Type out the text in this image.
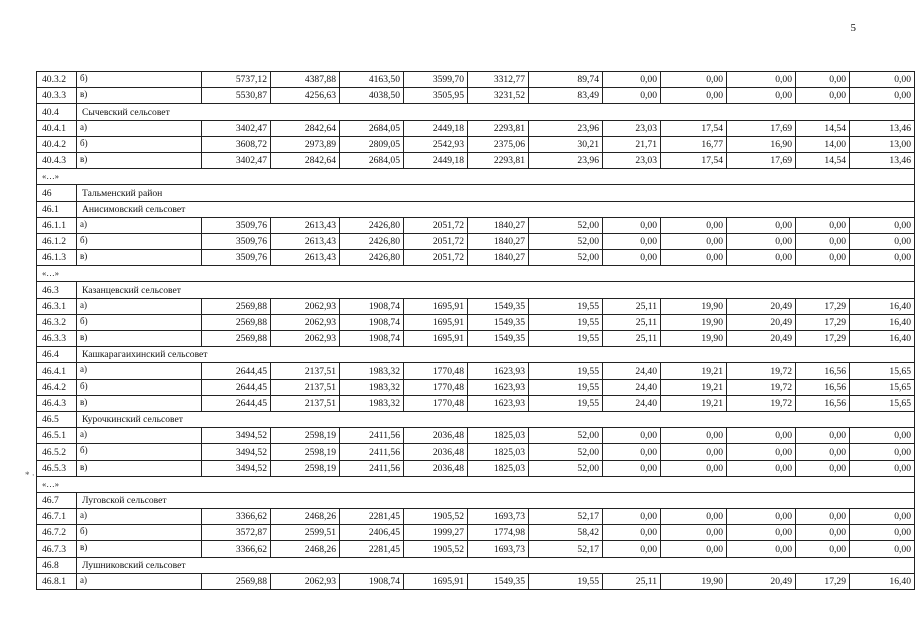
5
* ·
40.3.2	б)	5737,12	4387,88	4163,50	3599,70	3312,77	89,74	0,00	0,00	0,00	0,00	0,00
40.3.3	в)	5530,87	4256,63	4038,50	3505,95	3231,52	83,49	0,00	0,00	0,00	0,00	0,00
40.4	Сычевский сельсовет											
40.4.1	а)	3402,47	2842,64	2684,05	2449,18	2293,81	23,96	23,03	17,54	17,69	14,54	13,46
40.4.2	б)	3608,72	2973,89	2809,05	2542,93	2375,06	30,21	21,71	16,77	16,90	14,00	13,00
40.4.3	в)	3402,47	2842,64	2684,05	2449,18	2293,81	23,96	23,03	17,54	17,69	14,54	13,46
«…»												
46	Тальменский район											
46.1	Анисимовский сельсовет											
46.1.1	а)	3509,76	2613,43	2426,80	2051,72	1840,27	52,00	0,00	0,00	0,00	0,00	0,00
46.1.2	б)	3509,76	2613,43	2426,80	2051,72	1840,27	52,00	0,00	0,00	0,00	0,00	0,00
46.1.3	в)	3509,76	2613,43	2426,80	2051,72	1840,27	52,00	0,00	0,00	0,00	0,00	0,00
«…»												
46.3	Казанцевский сельсовет											
46.3.1	а)	2569,88	2062,93	1908,74	1695,91	1549,35	19,55	25,11	19,90	20,49	17,29	16,40
46.3.2	б)	2569,88	2062,93	1908,74	1695,91	1549,35	19,55	25,11	19,90	20,49	17,29	16,40
46.3.3	в)	2569,88	2062,93	1908,74	1695,91	1549,35	19,55	25,11	19,90	20,49	17,29	16,40
46.4	Кашкарагаихинский сельсовет											
46.4.1	а)	2644,45	2137,51	1983,32	1770,48	1623,93	19,55	24,40	19,21	19,72	16,56	15,65
46.4.2	б)	2644,45	2137,51	1983,32	1770,48	1623,93	19,55	24,40	19,21	19,72	16,56	15,65
46.4.3	в)	2644,45	2137,51	1983,32	1770,48	1623,93	19,55	24,40	19,21	19,72	16,56	15,65
46.5	Курочкинский сельсовет											
46.5.1	а)	3494,52	2598,19	2411,56	2036,48	1825,03	52,00	0,00	0,00	0,00	0,00	0,00
46.5.2	б)	3494,52	2598,19	2411,56	2036,48	1825,03	52,00	0,00	0,00	0,00	0,00	0,00
46.5.3	в)	3494,52	2598,19	2411,56	2036,48	1825,03	52,00	0,00	0,00	0,00	0,00	0,00
«…»												
46.7	Луговской сельсовет											
46.7.1	а)	3366,62	2468,26	2281,45	1905,52	1693,73	52,17	0,00	0,00	0,00	0,00	0,00
46.7.2	б)	3572,87	2599,51	2406,45	1999,27	1774,98	58,42	0,00	0,00	0,00	0,00	0,00
46.7.3	в)	3366,62	2468,26	2281,45	1905,52	1693,73	52,17	0,00	0,00	0,00	0,00	0,00
46.8	Лушниковский сельсовет											
46.8.1	а)	2569,88	2062,93	1908,74	1695,91	1549,35	19,55	25,11	19,90	20,49	17,29	16,40
